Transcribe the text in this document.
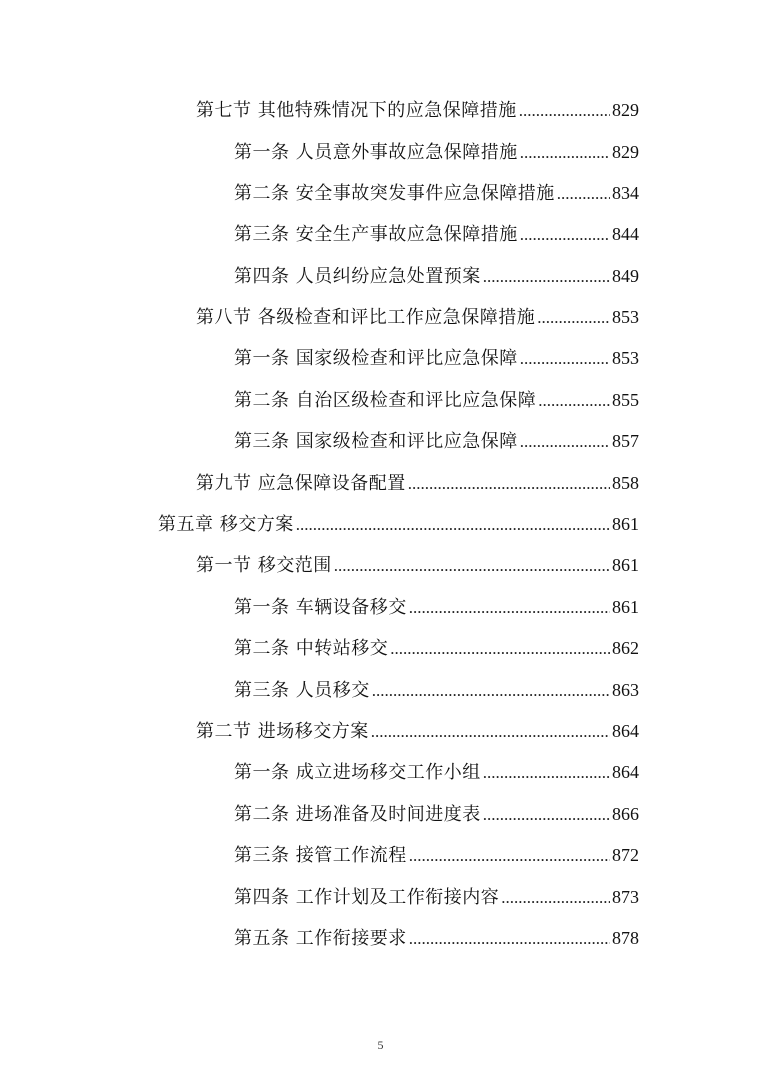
第七节 其他特殊情况下的应急保障措施 .....	829
第一条 人员意外事故应急保障措施 .....	829
第二条 安全事故突发事件应急保障措施 .....	834
第三条 安全生产事故应急保障措施 .....	844
第四条 人员纠纷应急处置预案 .....	849
第八节 各级检查和评比工作应急保障措施 .....	853
第一条 国家级检查和评比应急保障 .....	853
第二条 自治区级检查和评比应急保障 .....	855
第三条 国家级检查和评比应急保障 .....	857
第九节 应急保障设备配置 .....	858
第五章 移交方案 .....	861
第一节 移交范围 .....	861
第一条 车辆设备移交 .....	861
第二条 中转站移交 .....	862
第三条 人员移交 .....	863
第二节 进场移交方案 .....	864
第一条 成立进场移交工作小组 .....	864
第二条 进场准备及时间进度表 .....	866
第三条 接管工作流程 .....	872
第四条 工作计划及工作衔接内容 .....	873
第五条 工作衔接要求 .....	878
5
